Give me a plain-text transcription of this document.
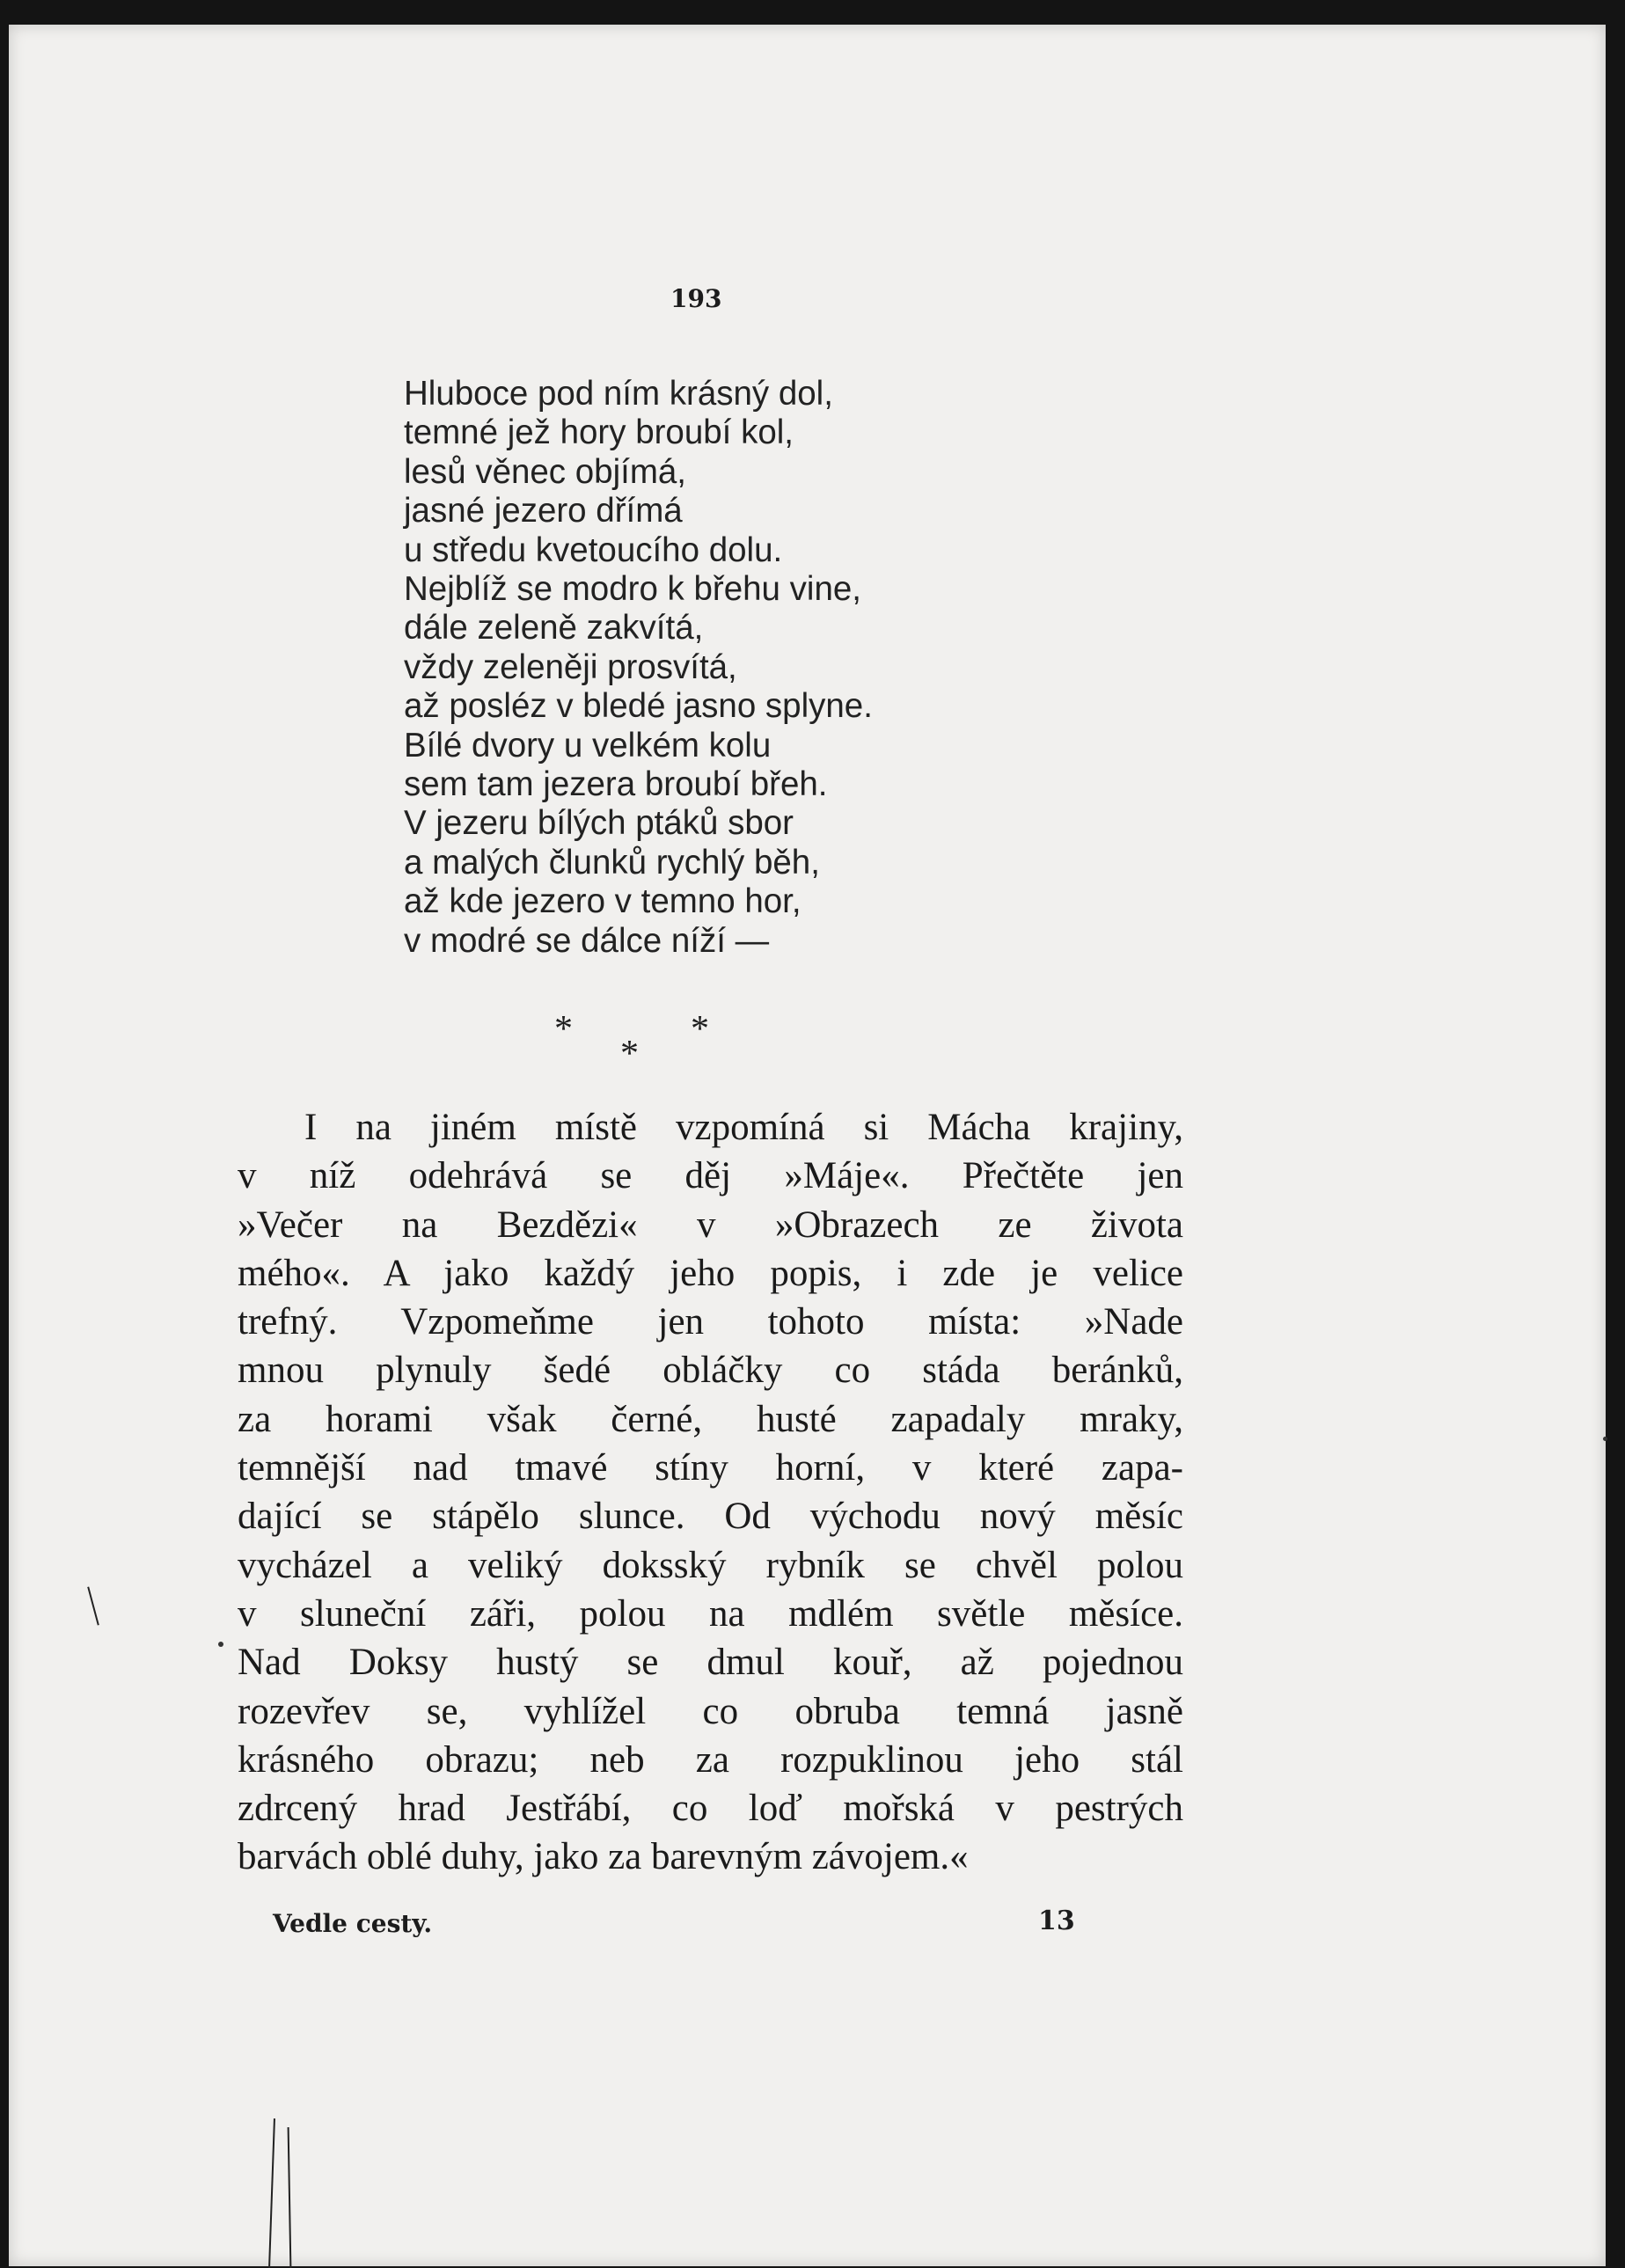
193
Hluboce pod ním krásný dol,
temné jež hory broubí kol,
lesů věnec objímá,
jasné jezero dřímá
u středu kvetoucího dolu.
Nejblíž se modro k břehu vine,
dále zeleně zakvítá,
vždy zeleněji prosvítá,
až posléz v bledé jasno splyne.
Bílé dvory u velkém kolu
sem tam jezera broubí břeh.
V jezeru bílých ptáků sbor
a malých člunků rychlý běh,
až kde jezero v temno hor,
v modré se dálce níží —
*	*
*
I na jiném místě vzpomíná si Mácha krajiny,
v níž odehrává se děj »Máje«. Přečtěte jen
»Večer na Bezdězi« v »Obrazech ze života
mého«. A jako každý jeho popis, i zde je velice
trefný. Vzpomeňme jen tohoto místa: »Nade
mnou plynuly šedé obláčky co stáda beránků,
za horami však černé, husté zapadaly mraky,
temnější nad tmavé stíny horní, v které zapa-
dající se stápělo slunce. Od východu nový měsíc
vycházel a veliký doksský rybník se chvěl polou
v sluneční záři, polou na mdlém světle měsíce.
Nad Doksy hustý se dmul kouř, až pojednou
rozevřev se, vyhlížel co obruba temná jasně
krásného obrazu; neb za rozpuklinou jeho stál
zdrcený hrad Jestřábí, co loď mořská v pestrých
barvách oblé duhy, jako za barevným závojem.«
Vedle cesty.	13
